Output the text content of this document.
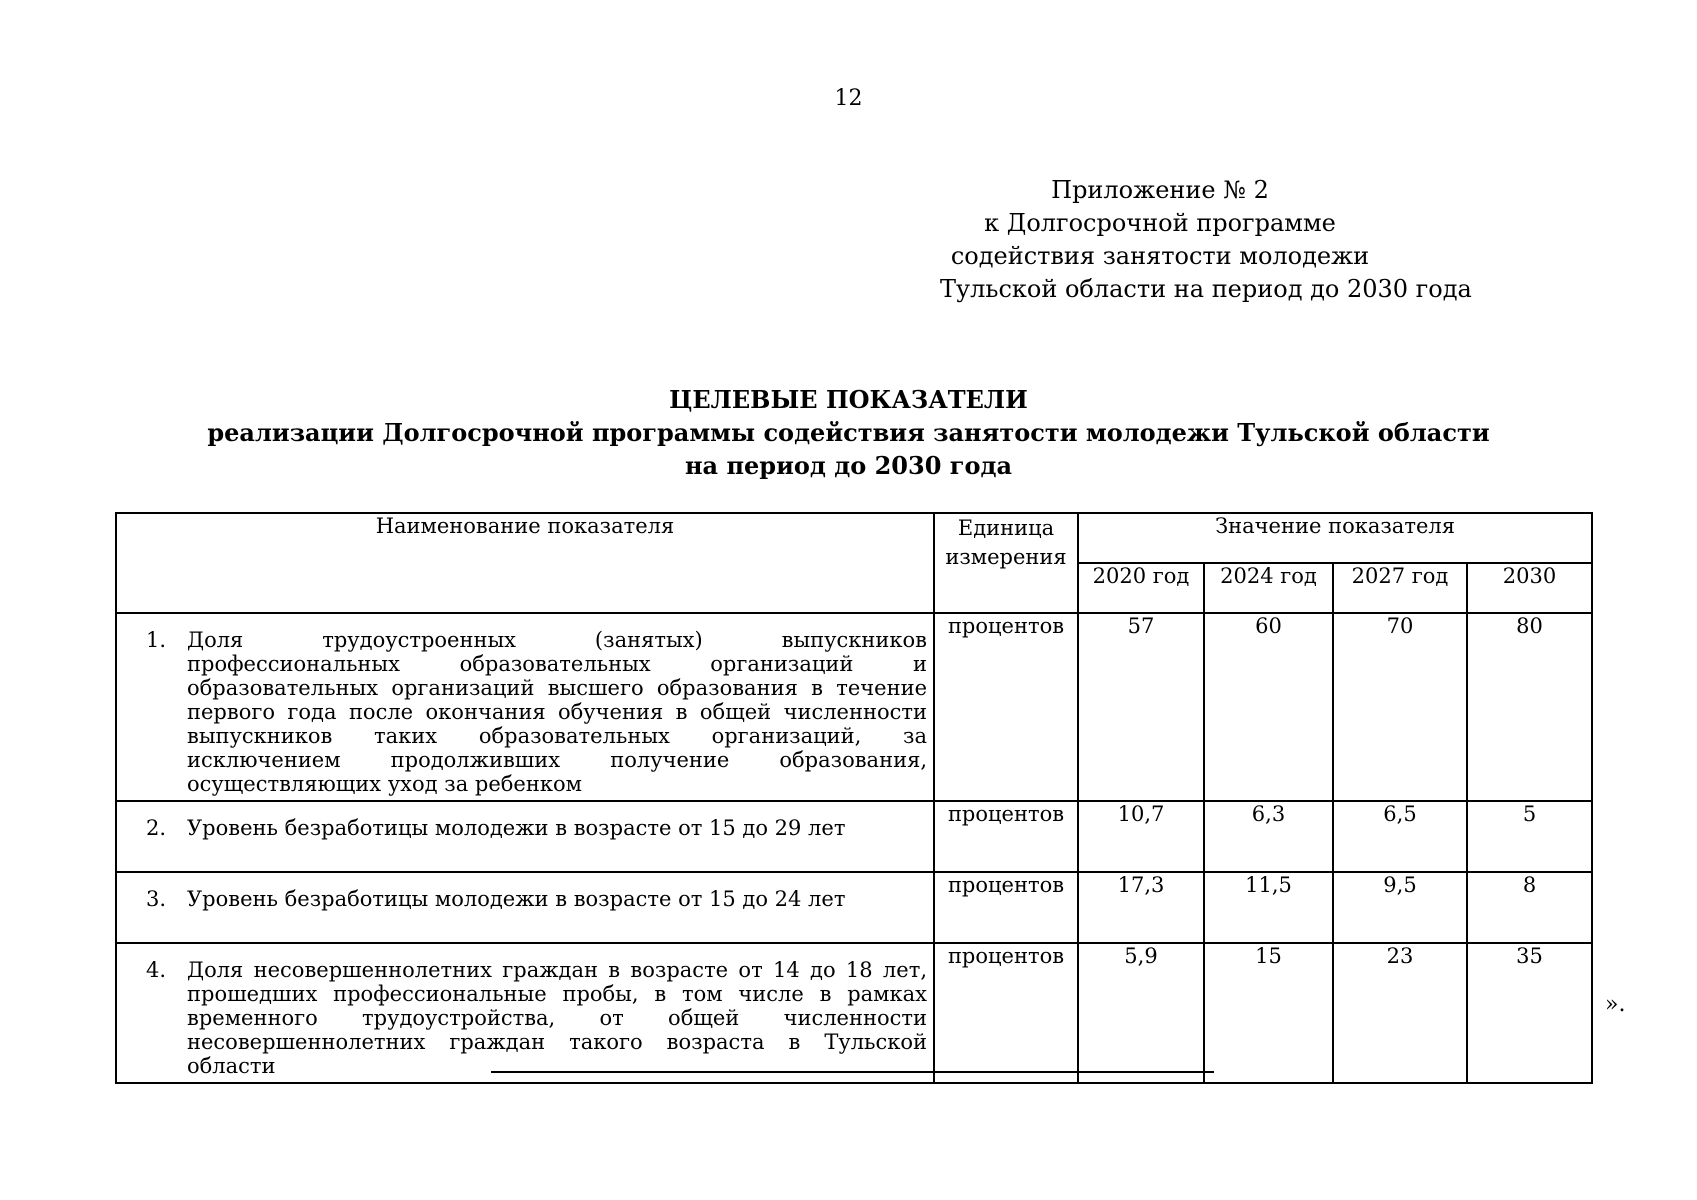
12
Приложение № 2
к Долгосрочной программе
содействия занятости молодежи
Тульской области на период до 2030 года
ЦЕЛЕВЫЕ ПОКАЗАТЕЛИ
реализации Долгосрочной программы содействия занятости молодежи Тульской области
на период до 2030 года
Наименование показателя	Единица измерения	Значение показателя			
		2020 год	2024 год	2027 год	2030

1. Доля трудоустроенных (занятых) выпускников профессиональных образовательных организаций и образовательных организаций высшего образования в течение первого года после окончания обучения в общей численности выпускников таких образовательных организаций, за исключением продолживших получение образования, осуществляющих уход за ребенком	процентов	57	60	70	80

2. Уровень безработицы молодежи в возрасте от 15 до 29 лет	процентов	10,7	6,3	6,5	5

3. Уровень безработицы молодежи в возрасте от 15 до 24 лет	процентов	17,3	11,5	9,5	8

4. Доля несовершеннолетних граждан в возрасте от 14 до 18 лет, прошедших профессиональные пробы, в том числе в рамках временного трудоустройства, от общей численности несовершеннолетних граждан такого возраста в Тульской области	процентов	5,9	15	23	35
».
